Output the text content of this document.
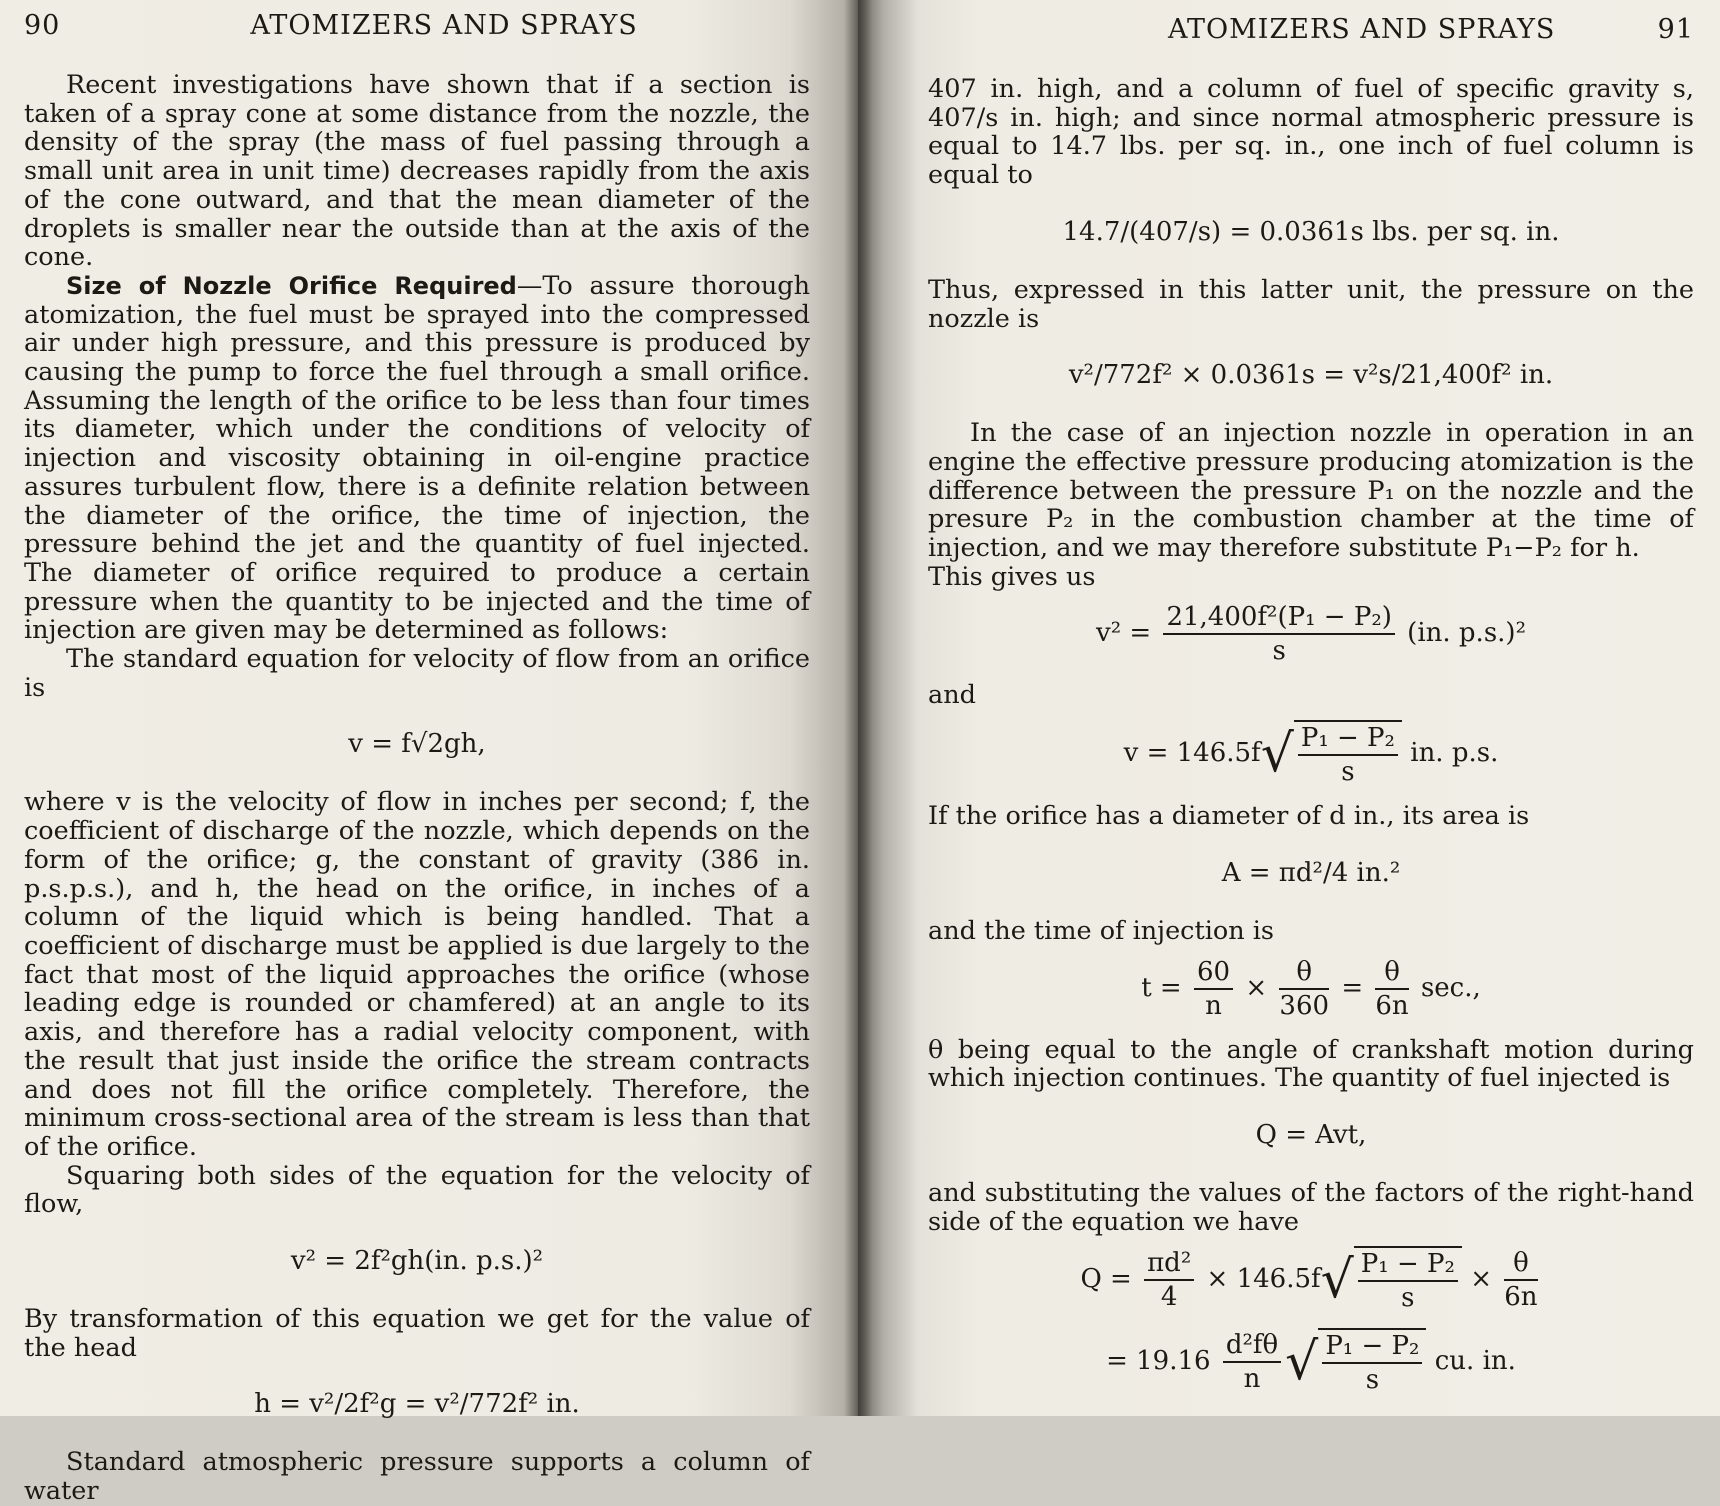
90	ATOMIZERS AND SPRAYS

Recent investigations have shown that if a section is taken of a spray cone at some distance from the nozzle, the density of the spray (the mass of fuel passing through a small unit area in unit time) decreases rapidly from the axis of the cone outward, and that the mean diameter of the droplets is smaller near the outside than at the axis of the cone.

Size of Nozzle Orifice Required—To assure thorough atomization, the fuel must be sprayed into the compressed air under high pressure, and this pressure is produced by causing the pump to force the fuel through a small orifice. Assuming the length of the orifice to be less than four times its diameter, which under the conditions of velocity of injection and viscosity obtaining in oil-engine practice assures turbulent flow, there is a definite relation between the diameter of the orifice, the time of injection, the pressure behind the jet and the quantity of fuel injected. The diameter of orifice required to produce a certain pressure when the quantity to be injected and the time of injection are given may be determined as follows:

The standard equation for velocity of flow from an orifice is

v = f√2gh,

where v is the velocity of flow in inches per second; f, the coefficient of discharge of the nozzle, which depends on the form of the orifice; g, the constant of gravity (386 in. p.s.p.s.), and h, the head on the orifice, in inches of a column of the liquid which is being handled. That a coefficient of discharge must be applied is due largely to the fact that most of the liquid approaches the orifice (whose leading edge is rounded or chamfered) at an angle to its axis, and therefore has a radial velocity component, with the result that just inside the orifice the stream contracts and does not fill the orifice completely. Therefore, the minimum cross-sectional area of the stream is less than that of the orifice.

Squaring both sides of the equation for the velocity of flow,

v² = 2f²gh(in. p.s.)²

By transformation of this equation we get for the value of the head

h = v²/2f²g = v²/772f² in.

Standard atmospheric pressure supports a column of water

ATOMIZERS AND SPRAYS	91

407 in. high, and a column of fuel of specific gravity s, 407/s in. high; and since normal atmospheric pressure is equal to 14.7 lbs. per sq. in., one inch of fuel column is equal to

14.7/(407/s) = 0.0361s lbs. per sq. in.

Thus, expressed in this latter unit, the pressure on the nozzle is

v²/772f² × 0.0361s = v²s/21,400f² in.

In the case of an injection nozzle in operation in an engine the effective pressure producing atomization is the difference between the pressure P₁ on the nozzle and the presure P₂ in the combustion chamber at the time of injection, and we may therefore substitute P₁−P₂ for h.

This gives us

$v^2 = \frac{\text{21,400f²(P₁ − P₂)}}{s} (in$. p.s.)²

and

$v = 146.5f√ \frac{\text{P₁ − P₂}}{s}$ in. p.s.

If the orifice has a diameter of d in., its area is

A = πd²/4 in.²

and the time of injection is

$t = \frac{60}{n} \times \frac{\theta}{360} = \frac{\theta}{6n} \sec$.,

θ being equal to the angle of crankshaft motion during which injection continues. The quantity of fuel injected is

Q = Avt,

and substituting the values of the factors of the right-hand side of the equation we have

$Q = \frac{\text{πd²}}{4} \times 146.5f√ \frac{\text{P₁ − P₂}}{s} \times \frac{\theta}{6n}$
= $19.16 \frac{\text{d²fθ}}{n}$ √ $\frac{\text{P₁ − P₂}}{s}$ cu. in.
